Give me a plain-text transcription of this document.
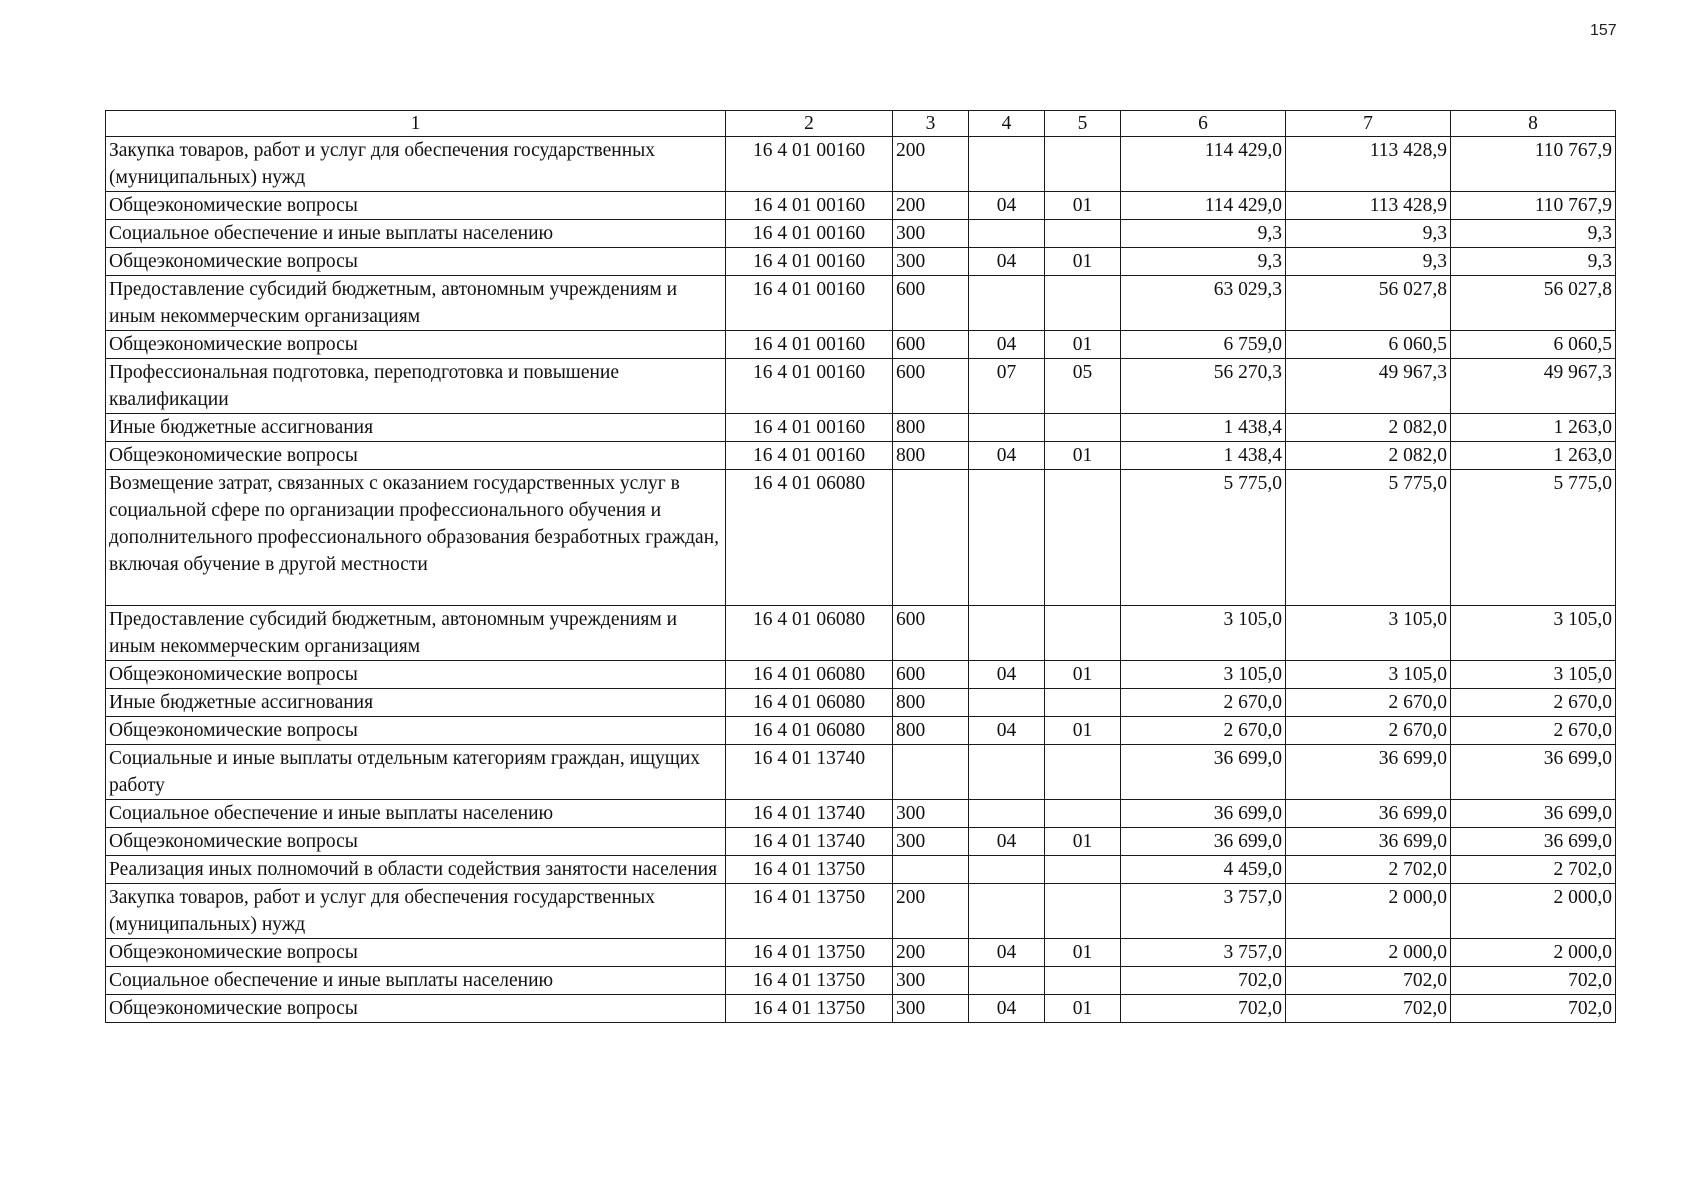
157
1	2	3	4	5	6	7	8
Закупка товаров, работ и услуг для обеспечения государственных (муниципальных) нужд	16 4 01 00160	200			114 429,0	113 428,9	110 767,9
Общеэкономические вопросы	16 4 01 00160	200	04	01	114 429,0	113 428,9	110 767,9
Социальное обеспечение и иные выплаты населению	16 4 01 00160	300			9,3	9,3	9,3
Общеэкономические вопросы	16 4 01 00160	300	04	01	9,3	9,3	9,3
Предоставление субсидий бюджетным, автономным учреждениям и иным некоммерческим организациям	16 4 01 00160	600			63 029,3	56 027,8	56 027,8
Общеэкономические вопросы	16 4 01 00160	600	04	01	6 759,0	6 060,5	6 060,5
Профессиональная подготовка, переподготовка и повышение квалификации	16 4 01 00160	600	07	05	56 270,3	49 967,3	49 967,3
Иные бюджетные ассигнования	16 4 01 00160	800			1 438,4	2 082,0	1 263,0
Общеэкономические вопросы	16 4 01 00160	800	04	01	1 438,4	2 082,0	1 263,0
Возмещение затрат, связанных с оказанием государственных услуг в социальной сфере по организации профессионального обучения и дополнительного профессионального образования безработных граждан, включая обучение в другой местности	16 4 01 06080				5 775,0	5 775,0	5 775,0
Предоставление субсидий бюджетным, автономным учреждениям и иным некоммерческим организациям	16 4 01 06080	600			3 105,0	3 105,0	3 105,0
Общеэкономические вопросы	16 4 01 06080	600	04	01	3 105,0	3 105,0	3 105,0
Иные бюджетные ассигнования	16 4 01 06080	800			2 670,0	2 670,0	2 670,0
Общеэкономические вопросы	16 4 01 06080	800	04	01	2 670,0	2 670,0	2 670,0
Социальные и иные выплаты отдельным категориям граждан, ищущих работу	16 4 01 13740				36 699,0	36 699,0	36 699,0
Социальное обеспечение и иные выплаты населению	16 4 01 13740	300			36 699,0	36 699,0	36 699,0
Общеэкономические вопросы	16 4 01 13740	300	04	01	36 699,0	36 699,0	36 699,0
Реализация иных полномочий в области содействия занятости населения	16 4 01 13750				4 459,0	2 702,0	2 702,0
Закупка товаров, работ и услуг для обеспечения государственных (муниципальных) нужд	16 4 01 13750	200			3 757,0	2 000,0	2 000,0
Общеэкономические вопросы	16 4 01 13750	200	04	01	3 757,0	2 000,0	2 000,0
Социальное обеспечение и иные выплаты населению	16 4 01 13750	300			702,0	702,0	702,0
Общеэкономические вопросы	16 4 01 13750	300	04	01	702,0	702,0	702,0
